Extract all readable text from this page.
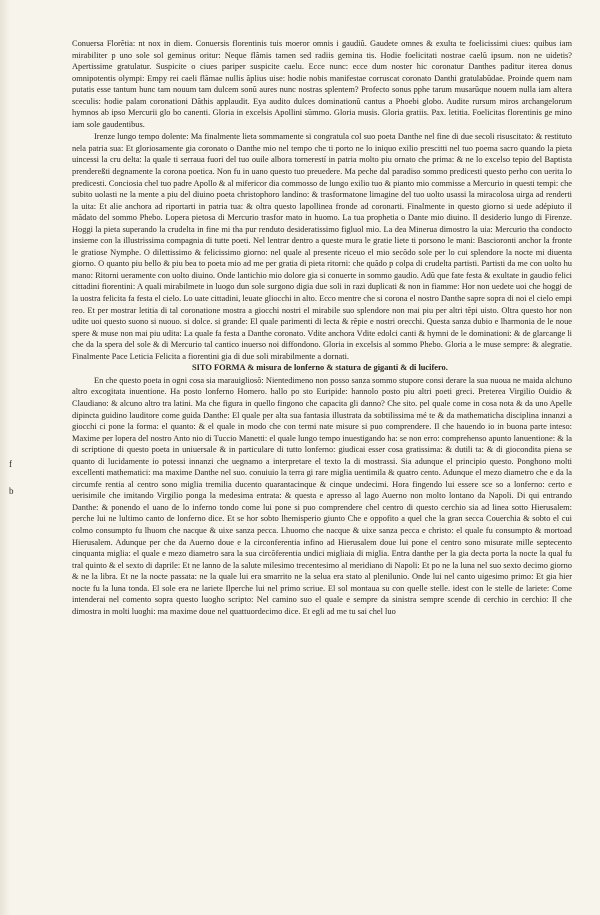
Conuersa Florẽtia: nt nox in diem. Conuersis florentinis tuis moeror omnis i gaudiũ. Gaudete omnes & exulta te foelicissimi ciues: quibus iam mirabiliter p uno sole sol geminus oritur: Neque flãmis tamen sed radiis gemina tis. Hodie foelicitati nostrae caelũ ipsum. non ne uidetis? Apertissime gratulatur. Suspicite o ciues pariper suspicite caelu. Ecce nunc: ecce dum noster hic coronatur Danthes paditur iterea donus omnipotentis olympi: Empy rei caeli flãmae nullis ãplius uise: hodie nobis manifestae corruscat coronato Danthi gratulabũdae. Proinde quem nam putatis esse tantum hunc tam nouum tam dulcem sonũ aures nunc nostras splentem? Profecto sonus pphe tarum musarũque nouem nulla iam altera sceculis: hodie palam coronationi Dãthis applaudit. Eya audito dulces dominationũ cantus a Phoebi globo. Audite rursum miros archangelorum hymnos ab ipso Mercurii glo bo canenti. Gloria in excelsis Apollini sũmmo. Gloria musis. Gloria gratiis. Pax. letitia. Foelicitas florentinis ge mino iam sole gaudentibus.

Irenze lungo tempo dolente: Ma finalmente lieta sommamente si congratula col suo poeta Danthe nel fine di due secoli risuscitato: & restituto nela patria sua: Et gloriosamente gia coronato o Danthe mio nel tempo che ti porto ne lo iniquo exilio prescitti nel tuo poema sacro quando la pieta uincessi la cru delta: la quale ti serraua fuori del tuo ouile albora tornerestí in patria molto piu ornato che prima: & ne lo excelso tepio del Baptista prendereßti degnamente la corona poetica. Non fu in uano questo tuo preuedere. Ma peche dal paradiso sommo predicesti questo perho con uerita lo predicesti. Conciosia chel tuo padre Apollo & al mifericor dia commosso de lungo exilio tuo & pianto mio commisse a Mercurio in questi tempi: che subito uolasti ne la mente a piu del diuino poeta christophoro landino: & trasformatone limagine del tuo uolto usassi la miracolosa uirga ad renderti la uita: Et alie anchora ad riportarti in patria tua: & oltra questo lapollinea fronde ad coronarti. Finalmente in questo giorno si uede adépiuto il mãdato del sommo Phebo. Lopera pietosa di Mercurio trasfor mato in huomo. La tua prophetia o Dante mio diuino. Il desiderio lungo di Firenze. Hoggi la pieta superando la crudelta in fine mi tha pur renduto desideratissimo figluol mio. La dea Minerua dimostro la uia: Mercurio tha condocto insieme con la illustrissima compagnia di tutte poeti. Nel lentrar dentro a queste mura le gratie liete ti porsono le mani: Bascioronti anchor la fronte le gratiose Nymphe. O dilettissimo & felicissimo giorno: nel quale al presente riceuo el mio secõdo sole per lo cui splendore la nocte mi diuenta giorno. O quanto piu bello & piu bea to poeta mio ad me per gratia di pieta ritorni: che quãdo p colpa di crudelta partisti. Partisti da me con uolto hu mano: Ritorni ueramente con uolto diuino. Onde lantichio mio dolore gia si conuerte in sommo gaudio. Adũ que fate festa & exultate in gaudio felici cittadini fiorentini: A quali mirabilmete in luogo dun sole surgono digia due soli in razi duplicati & non in fiamme: Hor non uedete uoi che hoggi de la uostra felicita fa festa el cielo. Lo uate cittadini, leuate gliocchi in alto. Ecco mentre che si corona el nostro Danthe sapre sopra di noi el cielo empi reo. Et per mostrar letitia di tal coronatione mostra a giocchi nostri el mirabile suo splendore non mai piu per altri tẽpi uisto. Oltra questo hor non udite uoi questo suono si nuouo. si dolce. si grande: El quale parimenti di lecta & rẽpie e nostri orecchi. Questa sanza dubio e lharmonia de le noue spere & muse non mai piu udita: La quale fa festa a Danthe coronato. Vdite anchora Vdite edolci canti & hymni de le dominationi: & de glarcange li che da la spera del sole & di Mercurio tal cantico inuerso noi diffondono. Gloria in excelsis al sommo Phebo. Gloria a le muse sempre: & alegratie. Finalmente Pace Leticia Felicita a fiorentini gia di due soli mirabilmente a dornati.

SITO FORMA & misura de lonferno & statura de giganti & di lucifero.

En che questo poeta in ogni cosa sia marauigliosõ: Nientedimeno non posso sanza sommo stupore consi derare la sua nuoua ne maida alchuno altro excogitata inuentione. Ha posto lonferno Homero. hallo po sto Euripide: hannolo posto piu altri poeti greci. Preterea Virgilio Ouidio & Claudiano: & alcuno altro tra latini. Ma che figura in quello fingono che capacita gli danno? Che sito. pel quale come in cosa nota & da uno Apelle dipincta guidino lauditore come guida Danthe: El quale per alta sua fantasia illustrata da sobtilissima mé te & da mathematicha disciplina innanzi a giocchi ci pone la forma: el quanto: & el quale in modo che con termi nate misure si puo comprendere. Il che hauendo io in buona parte inteso: Maxime per lopera del nostro Anto nio di Tuccio Manetti: el quale lungo tempo inuestigando ha: se non erro: comprehenso apunto lanuentione: & la di scriptione di questo poeta in uniuersale & in particulare di tutto lonferno: giudicai esser cosa gratissima: & dutili ta: & di giocondita piena se quanto di lucidamente io potessi innanzi che uegnamo a interpretare el texto la di mostrassi. Sia adunque el principio questo. Ponghono molti excellenti mathematici: ma maxime Danthe nel suo. conuiuio la terra gi rare miglia uentimila & quatro cento. Adunque el mezo diametro che e da la circumfe rentia al centro sono miglia tremilia ducento quarantacinque & cinque undecimi. Hora fingendo lui essere sce so a lonferno: certo e uerisimile che imitando Virgilio ponga la medesima entrata: & questa e apresso al lago Auerno non molto lontano da Napoli. Di qui entrando Danthe: & ponendo el uano de lo inferno tondo come lui pone si puo comprendere chel centro di questo cerchio sia ad linea sotto Hierusalem: perche lui ne lultimo canto de lonferno dice. Et se hor sobto lhemisperio giunto Che e oppofito a quel che la gran secca Couerchia & sobto el cui colmo consumpto fu lhuom che nacque & uixe sanza pecca. Lhuomo che nacque & uixe sanza pecca e christo: el quale fu consumpto & mortoad Hierusalem. Adunque per che da Auerno doue e la circonferentia infino ad Hierusalem doue lui pone el centro sono misurate mille septecento cinquanta miglia: el quale e mezo diametro sara la sua circõferentia undici migliaia di miglia. Entra danthe per la gia decta porta la nocte la qual fu tral quinto & el sexto di daprile: Et ne lanno de la salute milesimo trecentesimo al meridiano di Napoli: Et po ne la luna nel suo sexto decimo giorno & ne la libra. Et ne la nocte passata: ne la quale lui era smarrito ne la selua era stato al plenilunio. Onde lui nel canto uigesimo primo: Et gia hier nocte fu la luna tonda. El sole era ne lariete Ilperche lui nel primo scriue. El sol montaua su con quelle stelle. idest con le stelle de lariete: Come intenderai nel comento sopra questo luogho scripto: Nel camino suo el quale e sempre da sinistra sempre scende di cerchio in cerchio: Il che dimostra in molti luoghi: ma maxime doue nel quattuordecimo dice. Et egli ad me tu sai chel luo

f
b
